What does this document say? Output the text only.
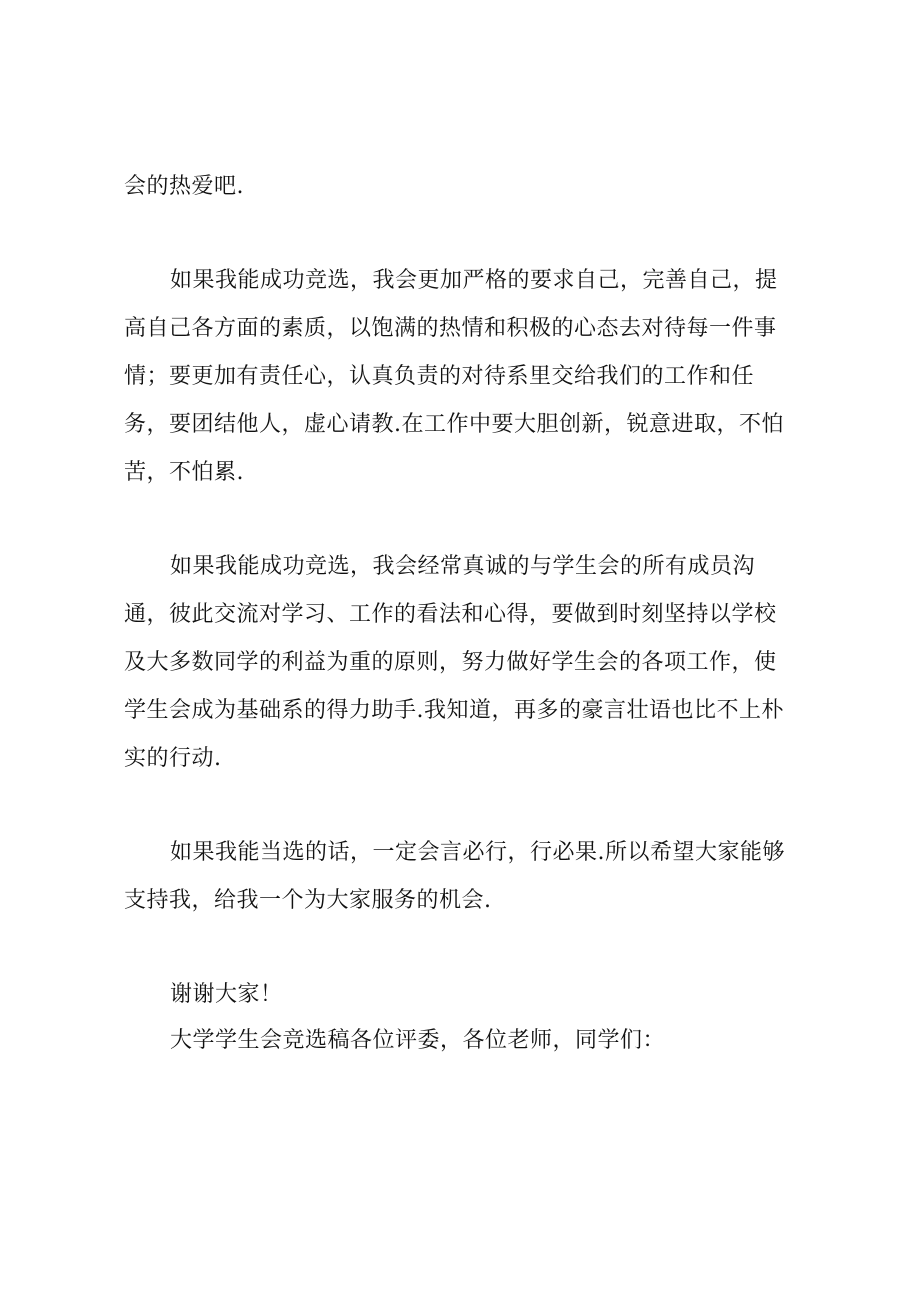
会的热爱吧.
如果我能成功竞选，我会更加严格的要求自己，完善自己，提
高自己各方面的素质，以饱满的热情和积极的心态去对待每一件事
情；要更加有责任心，认真负责的对待系里交给我们的工作和任
务，要团结他人，虚心请教.在工作中要大胆创新，锐意进取，不怕
苦，不怕累.
如果我能成功竞选，我会经常真诚的与学生会的所有成员沟
通，彼此交流对学习、工作的看法和心得，要做到时刻坚持以学校
及大多数同学的利益为重的原则，努力做好学生会的各项工作，使
学生会成为基础系的得力助手.我知道，再多的豪言壮语也比不上朴
实的行动.
如果我能当选的话，一定会言必行，行必果.所以希望大家能够
支持我，给我一个为大家服务的机会.
谢谢大家！
大学学生会竞选稿各位评委，各位老师，同学们：
